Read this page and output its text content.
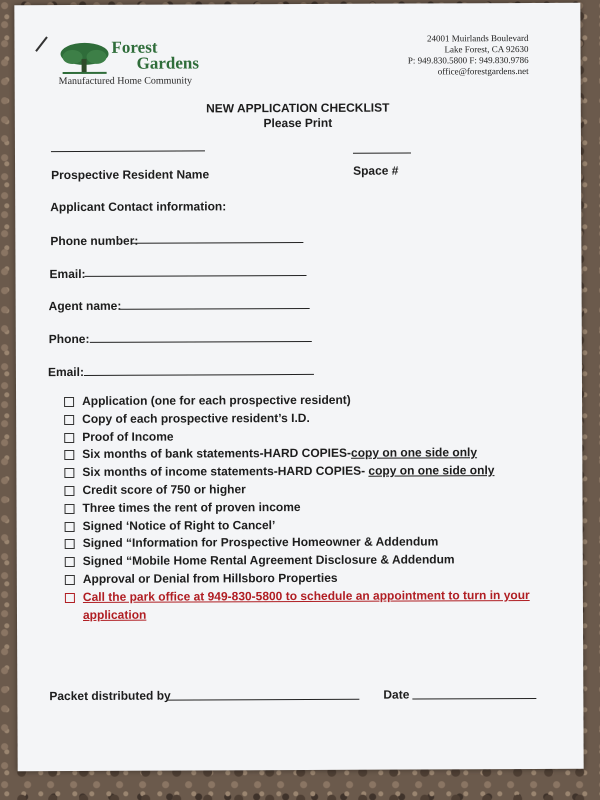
Forest
Gardens
Manufactured Home Community
24001 Muirlands Boulevard
Lake Forest, CA 92630
P: 949.830.5800 F: 949.830.9786
office@forestgardens.net
NEW APPLICATION CHECKLIST
Please Print
Prospective Resident Name	Space #
Applicant Contact information:
Phone number:
Email:
Agent name:
Phone:
Email:
Application (one for each prospective resident)
Copy of each prospective resident’s I.D.
Proof of Income
Six months of bank statements-HARD COPIES-copy on one side only
Six months of income statements-HARD COPIES- copy on one side only
Credit score of 750 or higher
Three times the rent of proven income
Signed ‘Notice of Right to Cancel’
Signed “Information for Prospective Homeowner & Addendum
Signed “Mobile Home Rental Agreement Disclosure & Addendum
Approval or Denial from Hillsboro Properties
Call the park office at 949-830-5800 to schedule an appointment to turn in your application
Packet distributed by	Date
